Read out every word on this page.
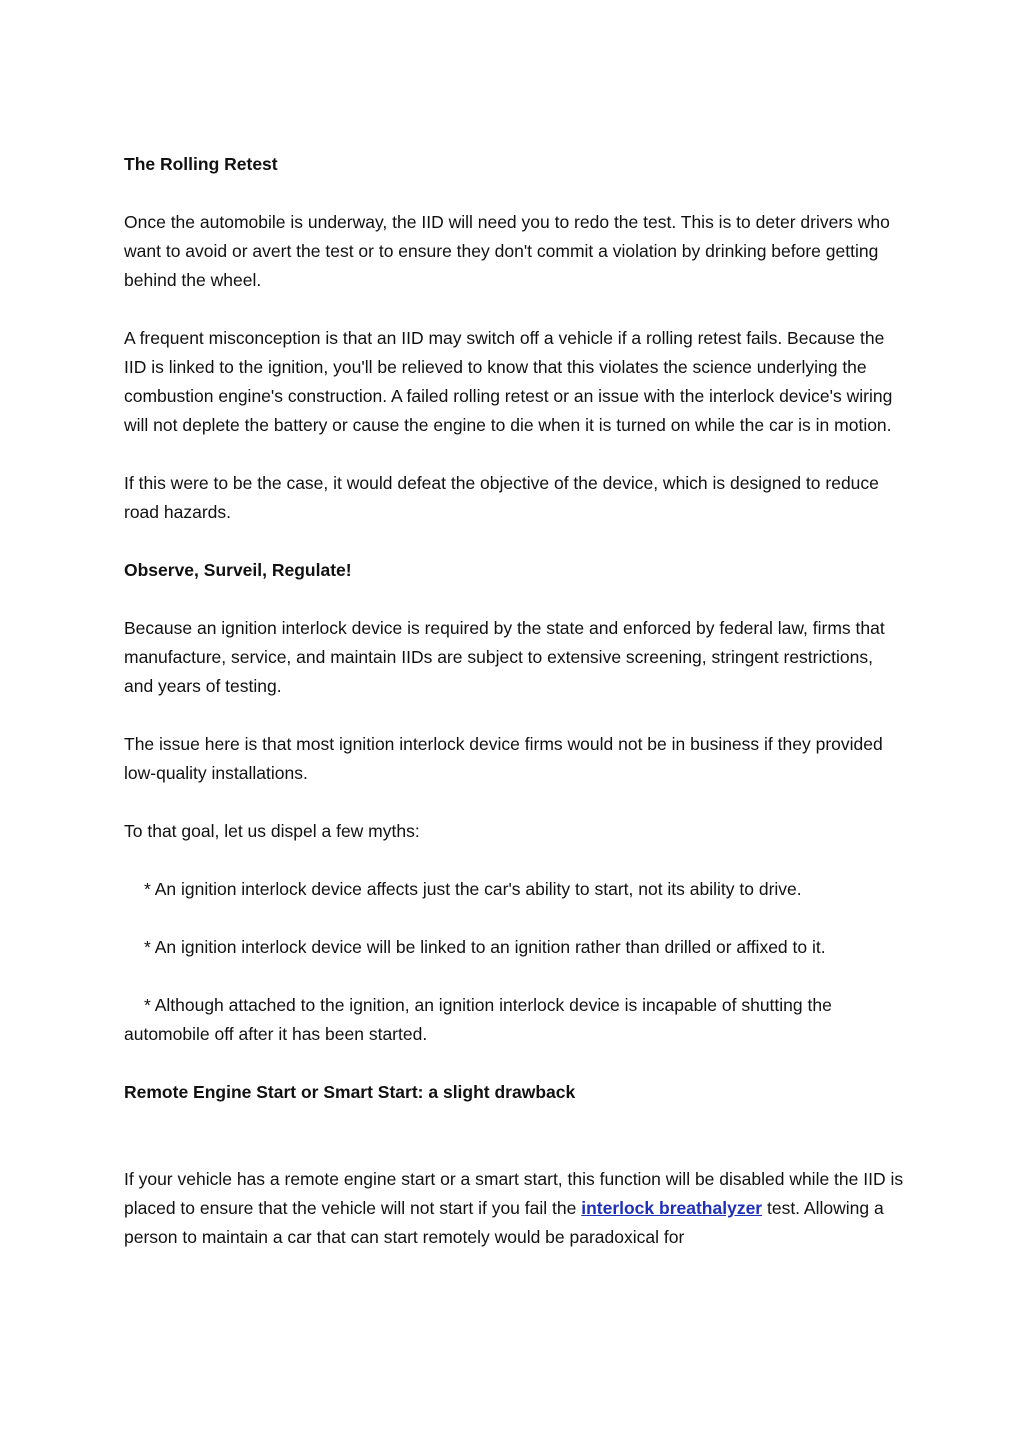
The Rolling Retest

Once the automobile is underway, the IID will need you to redo the test. This is to deter drivers who want to avoid or avert the test or to ensure they don't commit a violation by drinking before getting behind the wheel.

A frequent misconception is that an IID may switch off a vehicle if a rolling retest fails. Because the IID is linked to the ignition, you'll be relieved to know that this violates the science underlying the combustion engine's construction. A failed rolling retest or an issue with the interlock device's wiring will not deplete the battery or cause the engine to die when it is turned on while the car is in motion.

If this were to be the case, it would defeat the objective of the device, which is designed to reduce road hazards.

Observe, Surveil, Regulate!

Because an ignition interlock device is required by the state and enforced by federal law, firms that manufacture, service, and maintain IIDs are subject to extensive screening, stringent restrictions, and years of testing.

The issue here is that most ignition interlock device firms would not be in business if they provided low-quality installations.

To that goal, let us dispel a few myths:

* An ignition interlock device affects just the car's ability to start, not its ability to drive.

* An ignition interlock device will be linked to an ignition rather than drilled or affixed to it.

* Although attached to the ignition, an ignition interlock device is incapable of shutting the automobile off after it has been started.

Remote Engine Start or Smart Start: a slight drawback

If your vehicle has a remote engine start or a smart start, this function will be disabled while the IID is placed to ensure that the vehicle will not start if you fail the interlock breathalyzer test. Allowing a person to maintain a car that can start remotely would be paradoxical for
